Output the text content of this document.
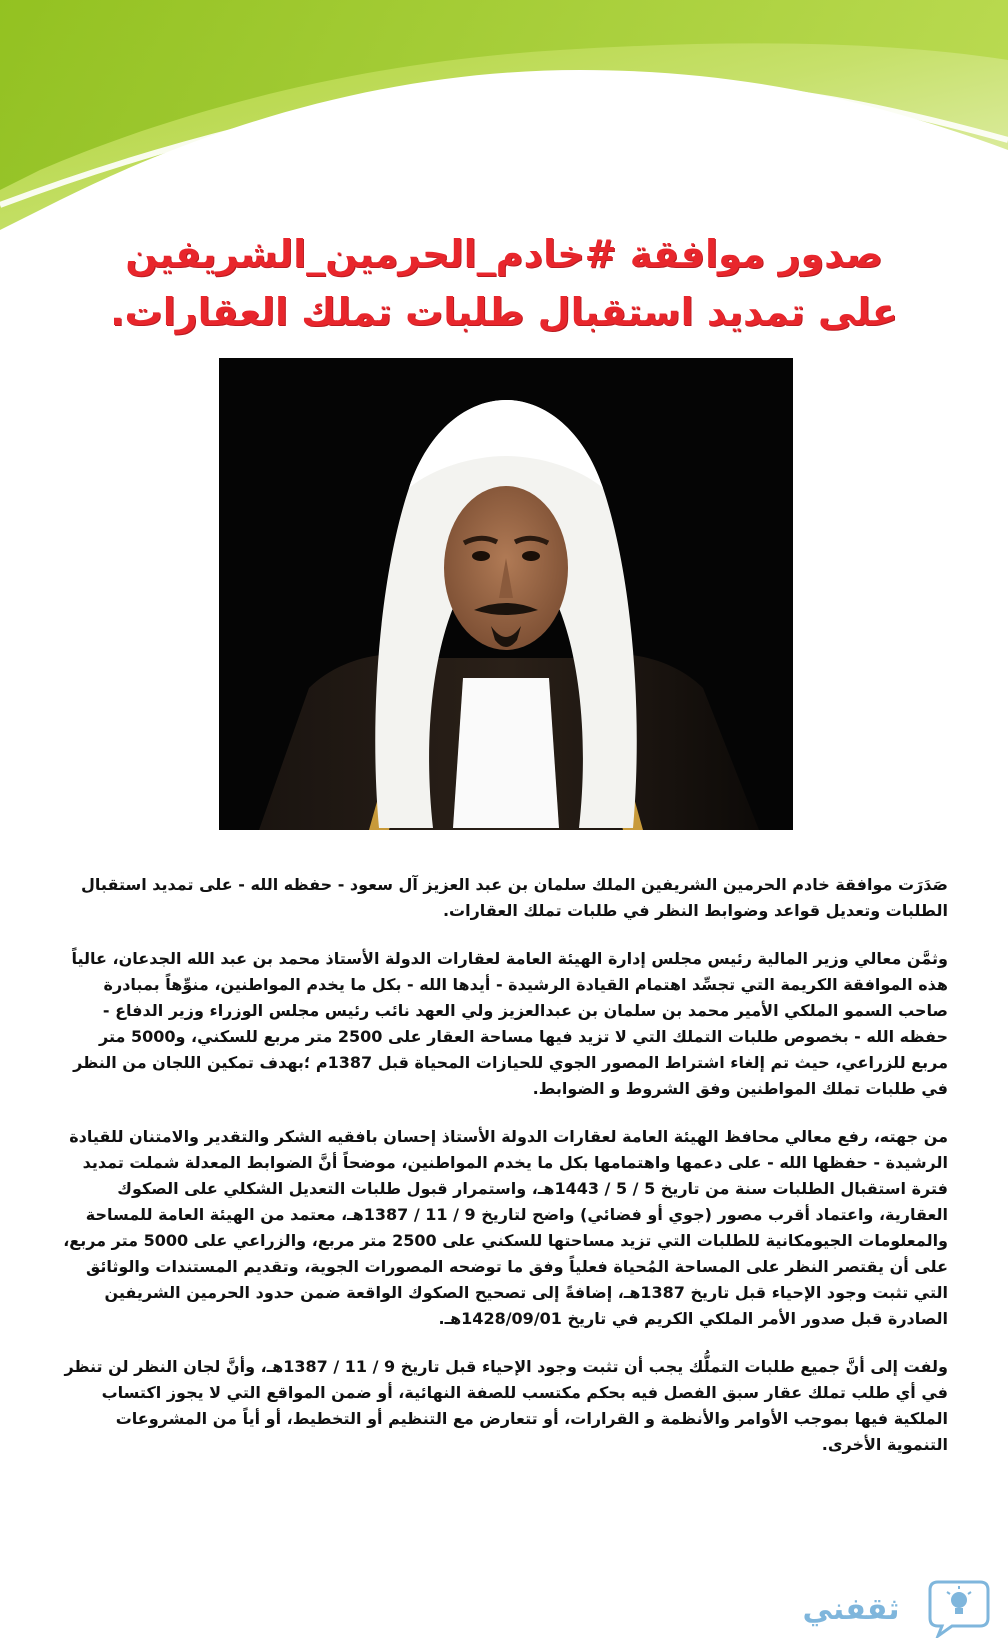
صدور موافقة #خادم_الحرمين_الشريفين
على تمديد استقبال طلبات تملك العقارات.

صَدَرَت موافقة خادم الحرمين الشريفين الملك سلمان بن عبد العزيز آل سعود - حفظه الله - على تمديد استقبال الطلبات وتعديل قواعد وضوابط النظر في طلبات تملك العقارات.

وثمَّن معالي وزير المالية رئيس مجلس إدارة الهيئة العامة لعقارات الدولة الأستاذ محمد بن عبد الله الجدعان، عالياً هذه الموافقة الكريمة التي تجسِّد اهتمام القيادة الرشيدة - أيدها الله - بكل ما يخدم المواطنين، منوِّهاً بمبادرة صاحب السمو الملكي الأمير محمد بن سلمان بن عبدالعزيز ولي العهد نائب رئيس مجلس الوزراء وزير الدفاع - حفظه الله - بخصوص طلبات التملك التي لا تزيد فيها مساحة العقار على 2500 متر مربع للسكني، و5000 متر مربع للزراعي، حيث تم إلغاء اشتراط المصور الجوي للحيازات المحياة قبل 1387م ؛بهدف تمكين اللجان من النظر في طلبات تملك المواطنين وفق الشروط و الضوابط.

من جهته، رفع معالي محافظ الهيئة العامة لعقارات الدولة الأستاذ إحسان بافقيه الشكر والتقدير والامتنان للقيادة الرشيدة - حفظها الله - على دعمها واهتمامها بكل ما يخدم المواطنين، موضحاً أنَّ الضوابط المعدلة شملت تمديد فترة استقبال الطلبات سنة من تاريخ 5 / 5 / 1443هـ، واستمرار قبول طلبات التعديل الشكلي على الصكوك العقارية، واعتماد أقرب مصور (جوي أو فضائي) واضح لتاريخ 9 / 11 / 1387هـ، معتمد من الهيئة العامة للمساحة والمعلومات الجيومكانية للطلبات التي تزيد مساحتها للسكني على 2500 متر مربع، والزراعي على 5000 متر مربع، على أن يقتصر النظر على المساحة المُحياة فعلياً وفق ما توضحه المصورات الجوية، وتقديم المستندات والوثائق التي تثبت وجود الإحياء قبل تاريخ 1387هـ، إضافةً إلى تصحيح الصكوك الواقعة ضمن حدود الحرمين الشريفين الصادرة قبل صدور الأمر الملكي الكريم في تاريخ 1428/09/01هـ.

ولفت إلى أنَّ جميع طلبات التملُّك يجب أن تثبت وجود الإحياء قبل تاريخ 9 / 11 / 1387هـ، وأنَّ لجان النظر لن تنظر في أي طلب تملك عقار سبق الفصل فيه بحكم مكتسب للصفة النهائية، أو ضمن المواقع التي لا يجوز اكتساب الملكية فيها بموجب الأوامر والأنظمة و القرارات، أو تتعارض مع التنظيم أو التخطيط، أو أياً من المشروعات التنموية الأخرى.

ثقفني
